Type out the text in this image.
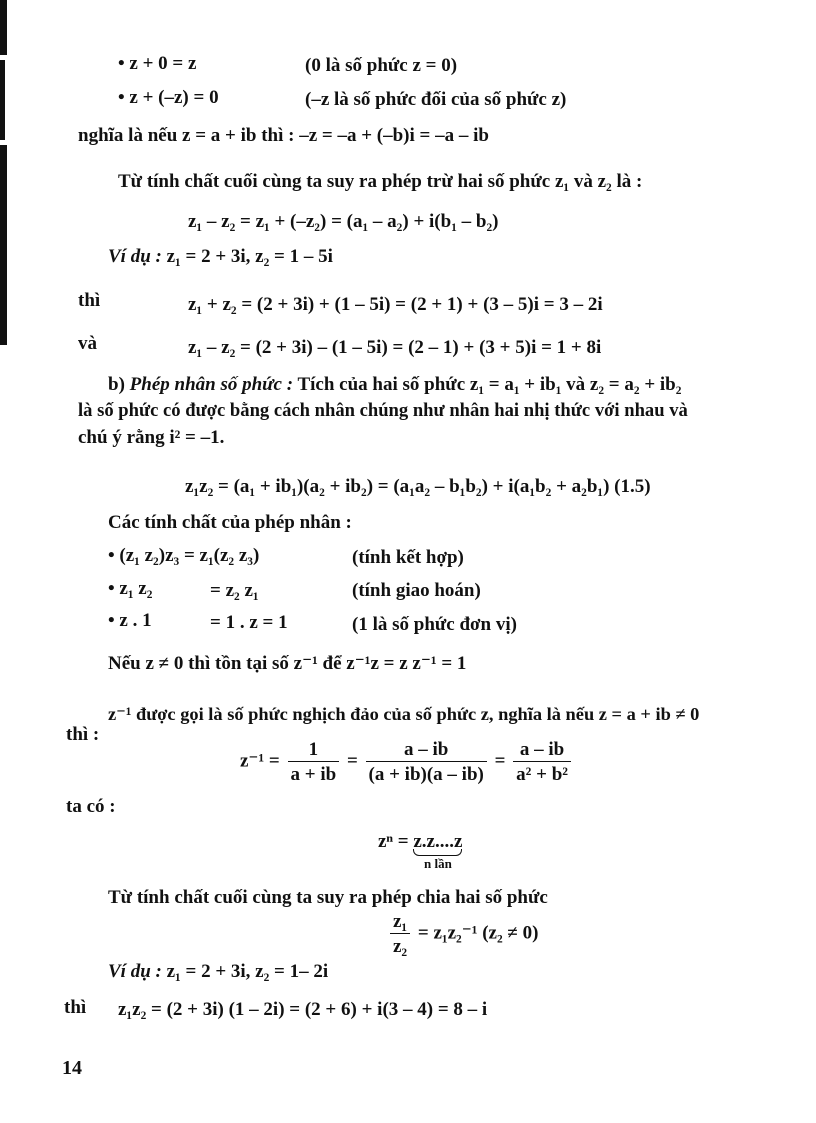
• z + 0 = z	(0 là số phức z = 0)
• z + (–z) = 0	(–z là số phức đối của số phức z)
nghĩa là nếu z = a + ib thì : –z = –a + (–b)i = –a – ib
Từ tính chất cuối cùng ta suy ra phép trừ hai số phức z₁ và z₂ là :
z₁ – z₂ = z₁ + (–z₂) = (a₁ – a₂) + i(b₁ – b₂)
Ví dụ : z₁ = 2 + 3i, z₂ = 1 – 5i
thì	z₁ + z₂ = (2 + 3i) + (1 – 5i) = (2 + 1) + (3 – 5)i = 3 – 2i
và	z₁ – z₂ = (2 + 3i) – (1 – 5i) = (2 – 1) + (3 + 5)i = 1 + 8i
b) Phép nhân số phức : Tích của hai số phức z₁ = a₁ + ib₁ và z₂ = a₂ + ib₂
là số phức có được bằng cách nhân chúng như nhân hai nhị thức với nhau và
chú ý rằng i² = –1.
z₁z₂ = (a₁ + ib₁)(a₂ + ib₂) = (a₁a₂ – b₁b₂) + i(a₁b₂ + a₂b₁) (1.5)
Các tính chất của phép nhân :
• (z₁ z₂)z₃ = z₁(z₂ z₃)	(tính kết hợp)
• z₁ z₂	= z₂ z₁	(tính giao hoán)
• z . 1	= 1 . z = 1	(1 là số phức đơn vị)
Nếu z ≠ 0 thì tồn tại số z⁻¹ để z⁻¹z = z z⁻¹ = 1
z⁻¹ được gọi là số phức nghịch đảo của số phức z, nghĩa là nếu z = a + ib ≠ 0
thì :
$z^{-1} = \frac{1}{a + ib} = \frac{a - ib}{(a + ib)(a - ib)} = \frac{a - ib}{\text{a² + b²}}$
ta có :
zⁿ = z.z....z
n lần
Từ tính chất cuối cùng ta suy ra phép chia hai số phức
$\frac{\text{z₁}}{\text{z₂}} = z_1z_2^{-1}$ (z₂ ≠ 0)
Ví dụ : z₁ = 2 + 3i, z₂ = 1– 2i
thì z₁z₂ = (2 + 3i) (1 – 2i) = (2 + 6) + i(3 – 4) = 8 – i
14
